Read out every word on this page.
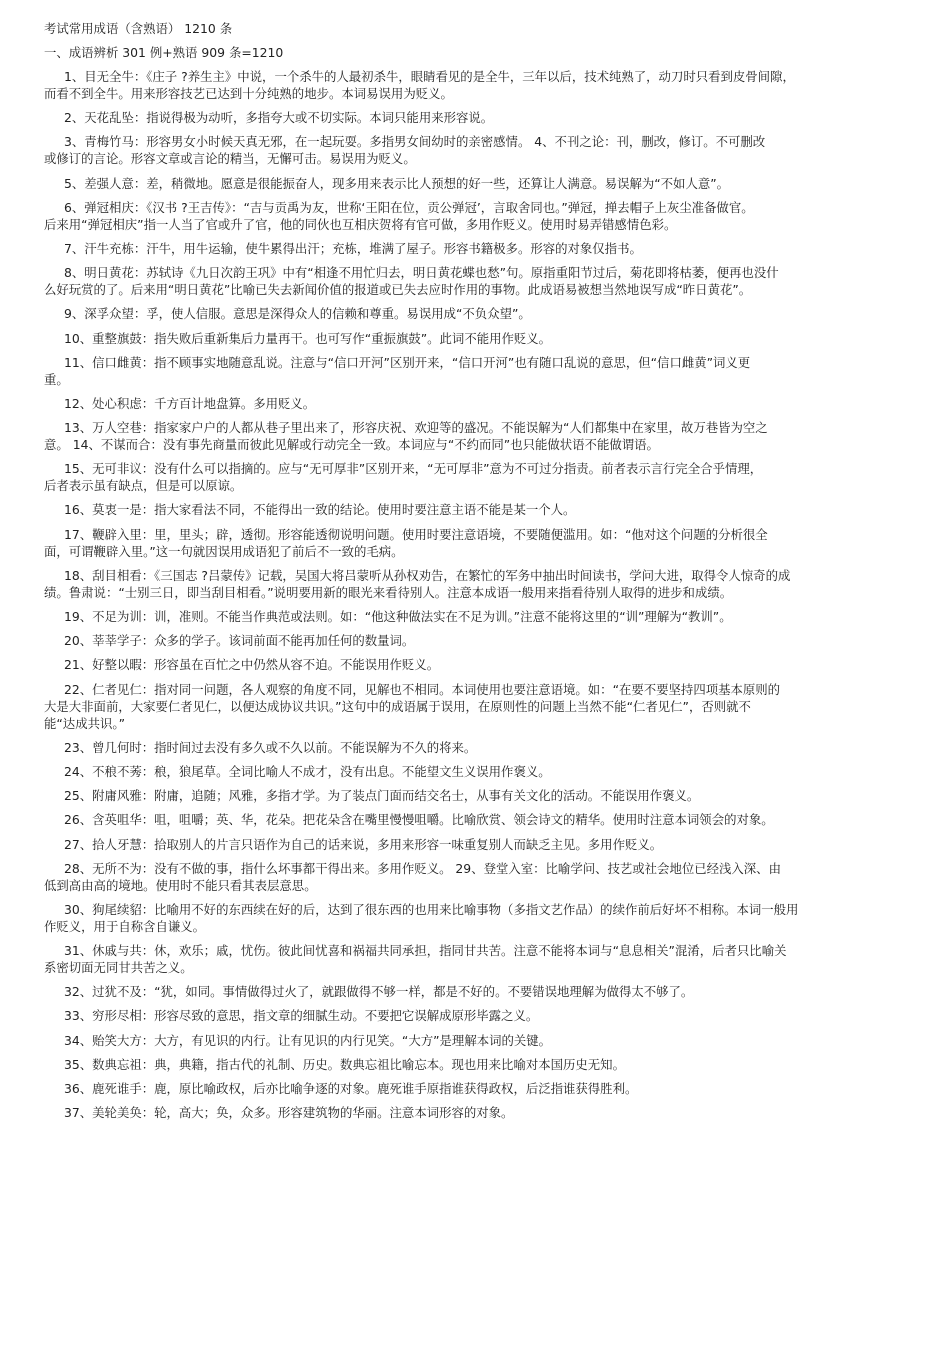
考试常用成语（含熟语） 1210 条
一、成语辨析 301 例+熟语 909 条=1210
1、目无全牛：《庄子 ?养生主》中说，一个杀牛的人最初杀牛，眼睛看见的是全牛，三年以后，技术纯熟了，动刀时只看到皮骨间隙，
而看不到全牛。用来形容技艺已达到十分纯熟的地步。本词易误用为贬义。
2、天花乱坠：指说得极为动听，多指夸大或不切实际。本词只能用来形容说。
3、青梅竹马：形容男女小时候天真无邪，在一起玩耍。多指男女间幼时的亲密感情。 4、不刊之论：刊，删改，修订。不可删改
或修订的言论。形容文章或言论的精当，无懈可击。易误用为贬义。
5、差强人意：差，稍微地。愿意是很能振奋人，现多用来表示比人预想的好一些，还算让人满意。易误解为“不如人意”。
6、弹冠相庆：《汉书 ?王吉传》：“吉与贡禹为友，世称‘王阳在位，贡公弹冠’，言取舍同也。”弹冠，掸去帽子上灰尘准备做官。
后来用“弹冠相庆”指一人当了官或升了官，他的同伙也互相庆贺将有官可做，多用作贬义。使用时易弄错感情色彩。
7、汗牛充栋：汗牛，用牛运输，使牛累得出汗；充栋，堆满了屋子。形容书籍极多。形容的对象仅指书。
8、明日黄花：苏轼诗《九日次韵王巩》中有“相逢不用忙归去，明日黄花蝶也愁”句。原指重阳节过后，菊花即将枯萎，便再也没什
么好玩赏的了。后来用“明日黄花”比喻已失去新闻价值的报道或已失去应时作用的事物。此成语易被想当然地误写成“昨日黄花”。
9、深孚众望：孚，使人信服。意思是深得众人的信赖和尊重。易误用成“不负众望”。
10、重整旗鼓：指失败后重新集后力量再干。也可写作“重振旗鼓”。此词不能用作贬义。
11、信口雌黄：指不顾事实地随意乱说。注意与“信口开河”区别开来，“信口开河”也有随口乱说的意思，但“信口雌黄”词义更
重。
12、处心积虑：千方百计地盘算。多用贬义。
13、万人空巷：指家家户户的人都从巷子里出来了，形容庆祝、欢迎等的盛况。不能误解为“人们都集中在家里，故万巷皆为空之
意。 14、不谋而合：没有事先商量而彼此见解或行动完全一致。本词应与“不约而同”也只能做状语不能做谓语。
15、无可非议：没有什么可以指摘的。应与“无可厚非”区别开来，“无可厚非”意为不可过分指责。前者表示言行完全合乎情理，
后者表示虽有缺点，但是可以原谅。
16、莫衷一是：指大家看法不同，不能得出一致的结论。使用时要注意主语不能是某一个人。
17、鞭辟入里：里，里头；辟，透彻。形容能透彻说明问题。使用时要注意语境，不要随便滥用。如：“他对这个问题的分析很全
面，可谓鞭辟入里。”这一句就因误用成语犯了前后不一致的毛病。
18、刮目相看：《三国志 ?吕蒙传》记载，吴国大将吕蒙听从孙权劝告，在繁忙的军务中抽出时间读书，学问大进，取得令人惊奇的成
绩。鲁肃说：“士别三日，即当刮目相看。”说明要用新的眼光来看待别人。注意本成语一般用来指看待别人取得的进步和成绩。
19、不足为训：训，准则。不能当作典范或法则。如：“他这种做法实在不足为训。”注意不能将这里的“训”理解为“教训”。
20、莘莘学子：众多的学子。该词前面不能再加任何的数量词。
21、好整以暇：形容虽在百忙之中仍然从容不迫。不能误用作贬义。
22、仁者见仁：指对同一问题，各人观察的角度不同，见解也不相同。本词使用也要注意语境。如：“在要不要坚持四项基本原则的
大是大非面前，大家要仁者见仁，以便达成协议共识。”这句中的成语属于误用，在原则性的问题上当然不能“仁者见仁”，否则就不
能“达成共识。”
23、曾几何时：指时间过去没有多久或不久以前。不能误解为不久的将来。
24、不稂不莠：稂，狼尾草。全词比喻人不成才，没有出息。不能望文生义误用作褒义。
25、附庸风雅：附庸，追随；风雅，多指才学。为了装点门面而结交名士，从事有关文化的活动。不能误用作褒义。
26、含英咀华：咀，咀嚼；英、华，花朵。把花朵含在嘴里慢慢咀嚼。比喻欣赏、领会诗文的精华。使用时注意本词领会的对象。
27、拾人牙慧：拾取别人的片言只语作为自己的话来说，多用来形容一味重复别人而缺乏主见。多用作贬义。
28、无所不为：没有不做的事，指什么坏事都干得出来。多用作贬义。 29、登堂入室：比喻学问、技艺或社会地位已经浅入深、由
低到高由高的境地。使用时不能只看其表层意思。
30、狗尾续貂：比喻用不好的东西续在好的后，达到了很东西的也用来比喻事物（多指文艺作品）的续作前后好坏不相称。本词一般用
作贬义，用于自称含自谦义。
31、休戚与共：休，欢乐；戚，忧伤。彼此间忧喜和祸福共同承担，指同甘共苦。注意不能将本词与“息息相关”混淆，后者只比喻关
系密切面无同甘共苦之义。
32、过犹不及：“犹，如同。事情做得过火了，就跟做得不够一样，都是不好的。不要错误地理解为做得太不够了。
33、穷形尽相：形容尽致的意思，指文章的细腻生动。不要把它误解成原形毕露之义。
34、贻笑大方：大方，有见识的内行。让有见识的内行见笑。“大方”是理解本词的关键。
35、数典忘祖：典，典籍，指古代的礼制、历史。数典忘祖比喻忘本。现也用来比喻对本国历史无知。
36、鹿死谁手：鹿，原比喻政权，后亦比喻争逐的对象。鹿死谁手原指谁获得政权，后泛指谁获得胜利。
37、美轮美奂：轮，高大；奂，众多。形容建筑物的华丽。注意本词形容的对象。
